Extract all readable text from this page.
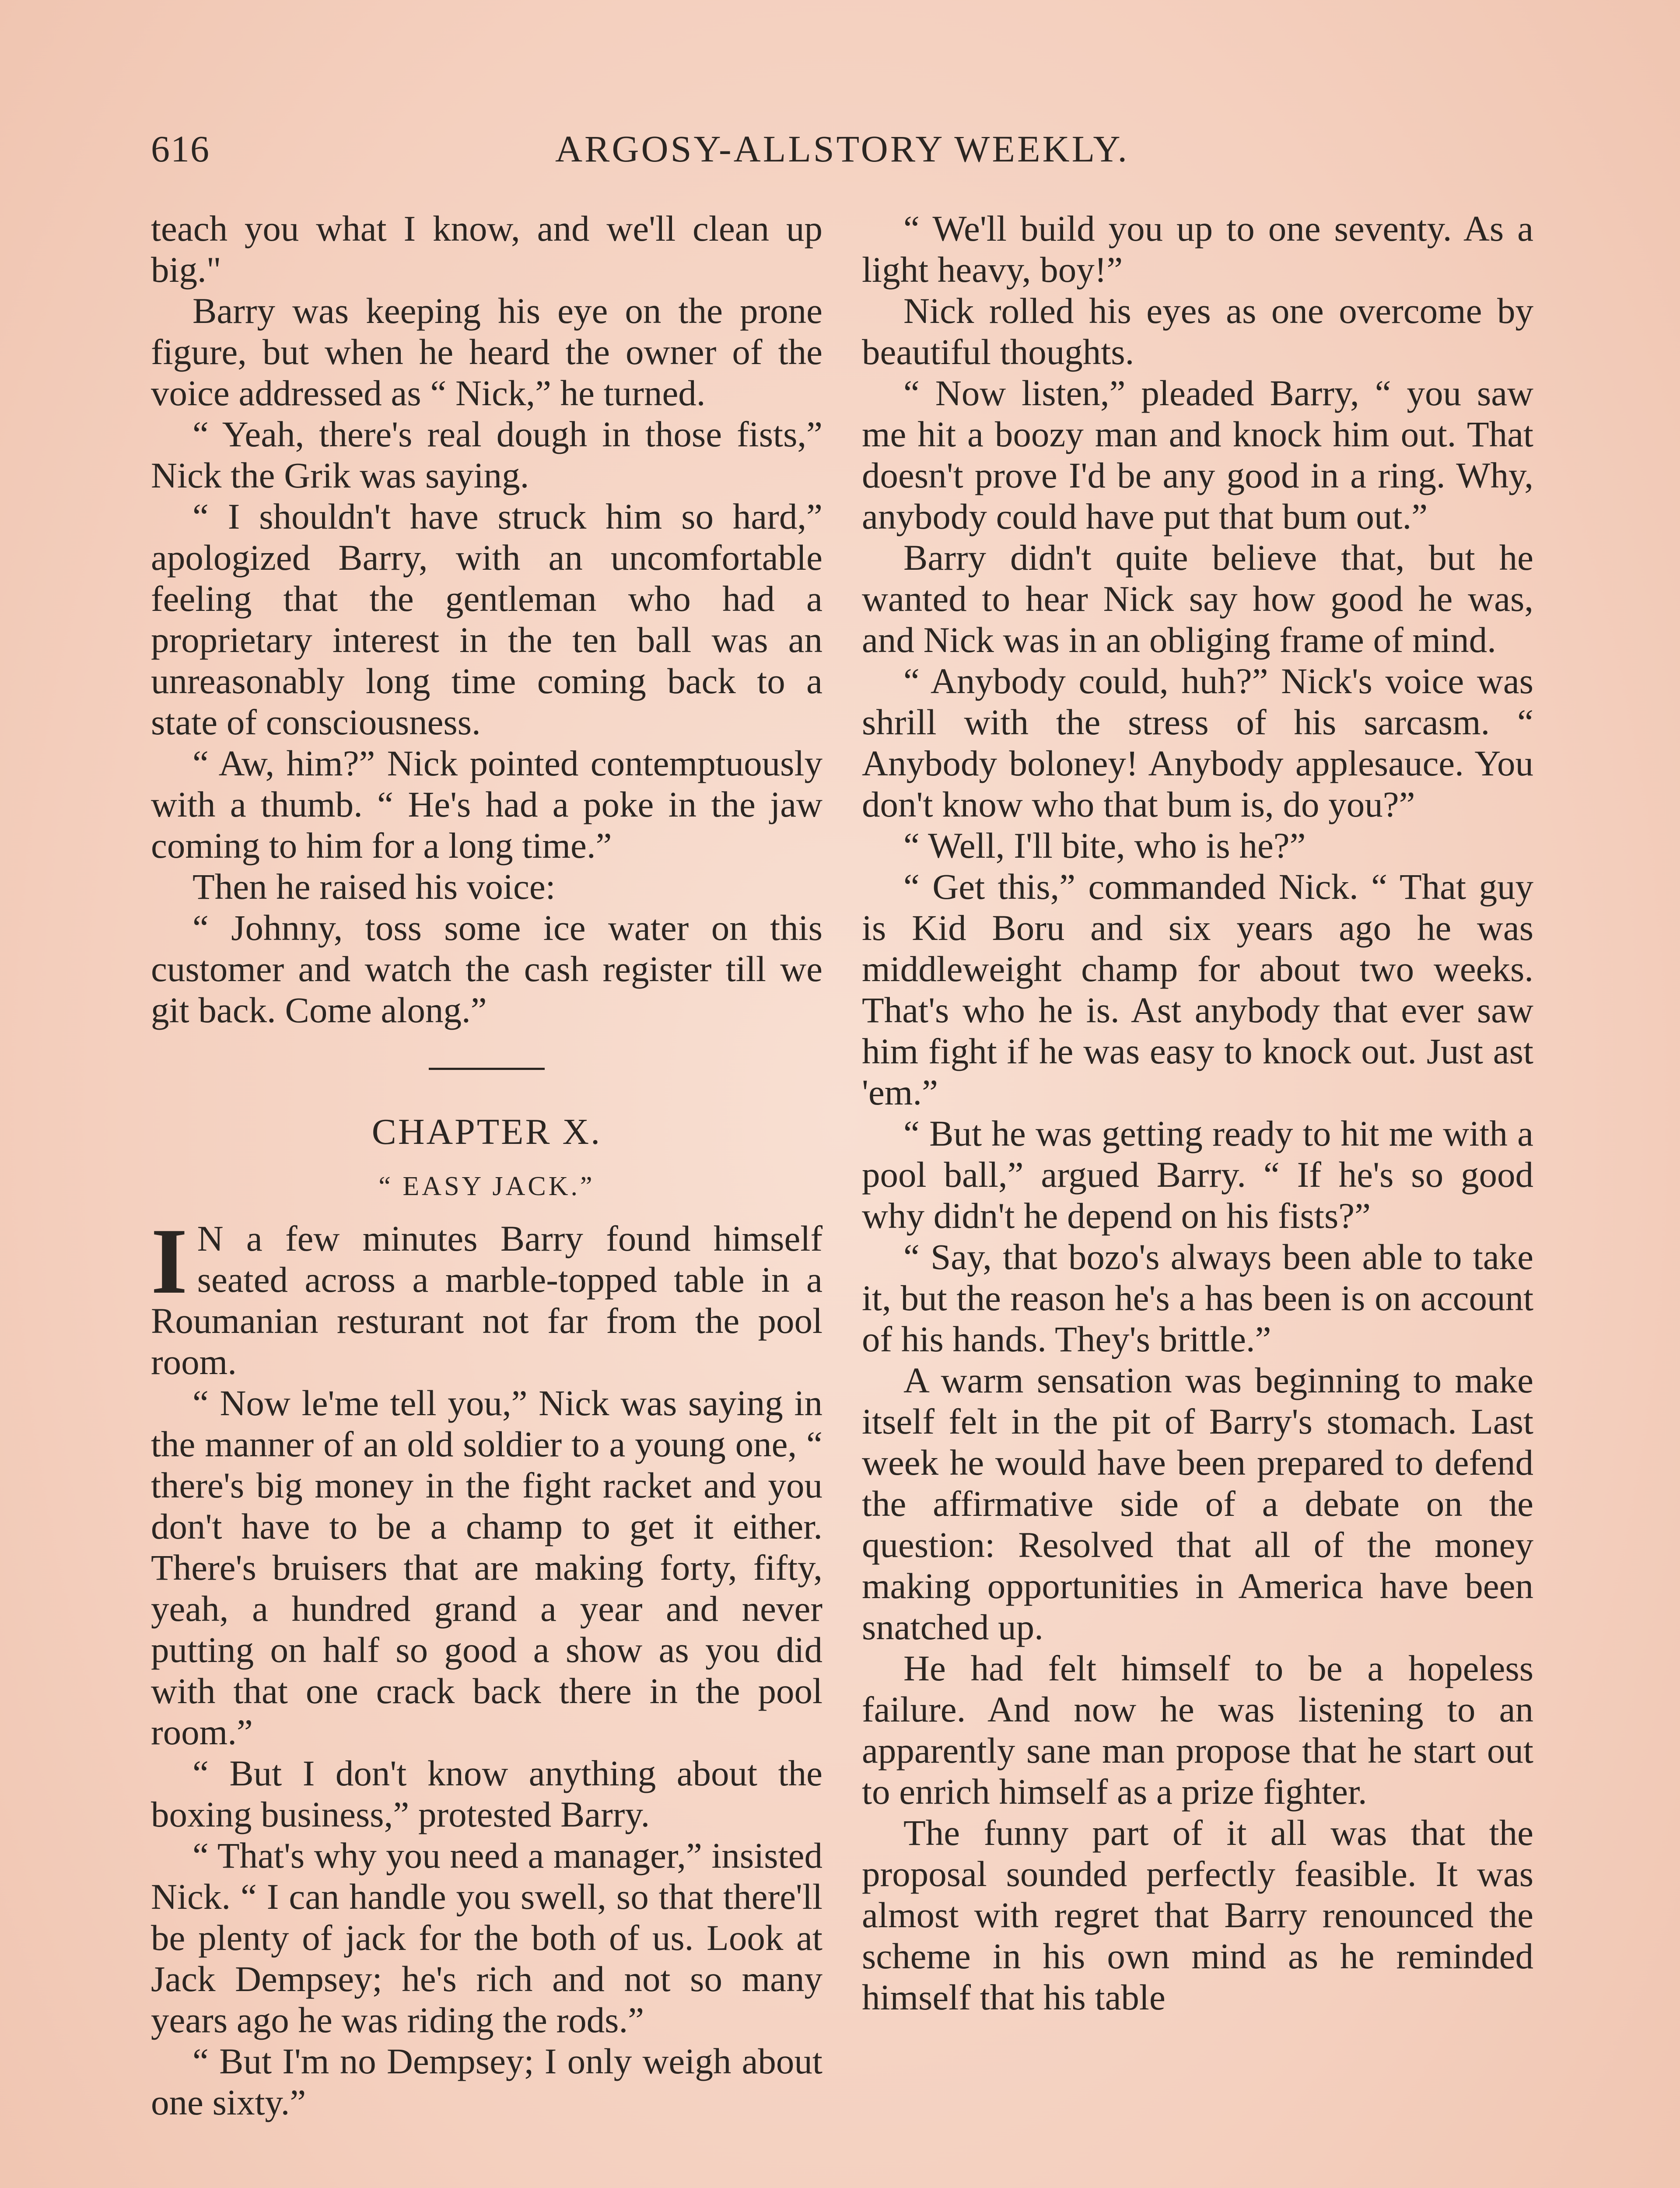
616	ARGOSY-ALLSTORY WEEKLY.

teach you what I know, and we'll clean up big."

Barry was keeping his eye on the prone figure, but when he heard the owner of the voice addressed as “ Nick,” he turned.

“ Yeah, there's real dough in those fists,” Nick the Grik was saying.

“ I shouldn't have struck him so hard,” apologized Barry, with an uncomfortable feeling that the gentleman who had a proprietary interest in the ten ball was an unreasonably long time coming back to a state of consciousness.

“ Aw, him?” Nick pointed contemptuously with a thumb. “ He's had a poke in the jaw coming to him for a long time.”

Then he raised his voice:

“ Johnny, toss some ice water on this customer and watch the cash register till we git back. Come along.”

CHAPTER X.
“ EASY JACK.”

I N a few minutes Barry found himself seated across a marble-topped table in a Roumanian resturant not far from the pool room.

“ Now le'me tell you,” Nick was saying in the manner of an old soldier to a young one, “ there's big money in the fight racket and you don't have to be a champ to get it either. There's bruisers that are making forty, fifty, yeah, a hundred grand a year and never putting on half so good a show as you did with that one crack back there in the pool room.”

“ But I don't know anything about the boxing business,” protested Barry.

“ That's why you need a manager,” insisted Nick. “ I can handle you swell, so that there'll be plenty of jack for the both of us. Look at Jack Dempsey; he's rich and not so many years ago he was riding the rods.”

“ But I'm no Dempsey; I only weigh about one sixty.”

“ We'll build you up to one seventy. As a light heavy, boy!”

Nick rolled his eyes as one overcome by beautiful thoughts.

“ Now listen,” pleaded Barry, “ you saw me hit a boozy man and knock him out. That doesn't prove I'd be any good in a ring. Why, anybody could have put that bum out.”

Barry didn't quite believe that, but he wanted to hear Nick say how good he was, and Nick was in an obliging frame of mind.

“ Anybody could, huh?” Nick's voice was shrill with the stress of his sarcasm. “ Anybody boloney! Anybody applesauce. You don't know who that bum is, do you?”

“ Well, I'll bite, who is he?”

“ Get this,” commanded Nick. “ That guy is Kid Boru and six years ago he was middleweight champ for about two weeks. That's who he is. Ast anybody that ever saw him fight if he was easy to knock out. Just ast 'em.”

“ But he was getting ready to hit me with a pool ball,” argued Barry. “ If he's so good why didn't he depend on his fists?”

“ Say, that bozo's always been able to take it, but the reason he's a has been is on account of his hands. They's brittle.”

A warm sensation was beginning to make itself felt in the pit of Barry's stomach. Last week he would have been prepared to defend the affirmative side of a debate on the question: Resolved that all of the money making opportunities in America have been snatched up.

He had felt himself to be a hopeless failure. And now he was listening to an apparently sane man propose that he start out to enrich himself as a prize fighter.

The funny part of it all was that the proposal sounded perfectly feasible. It was almost with regret that Barry renounced the scheme in his own mind as he reminded himself that his table
